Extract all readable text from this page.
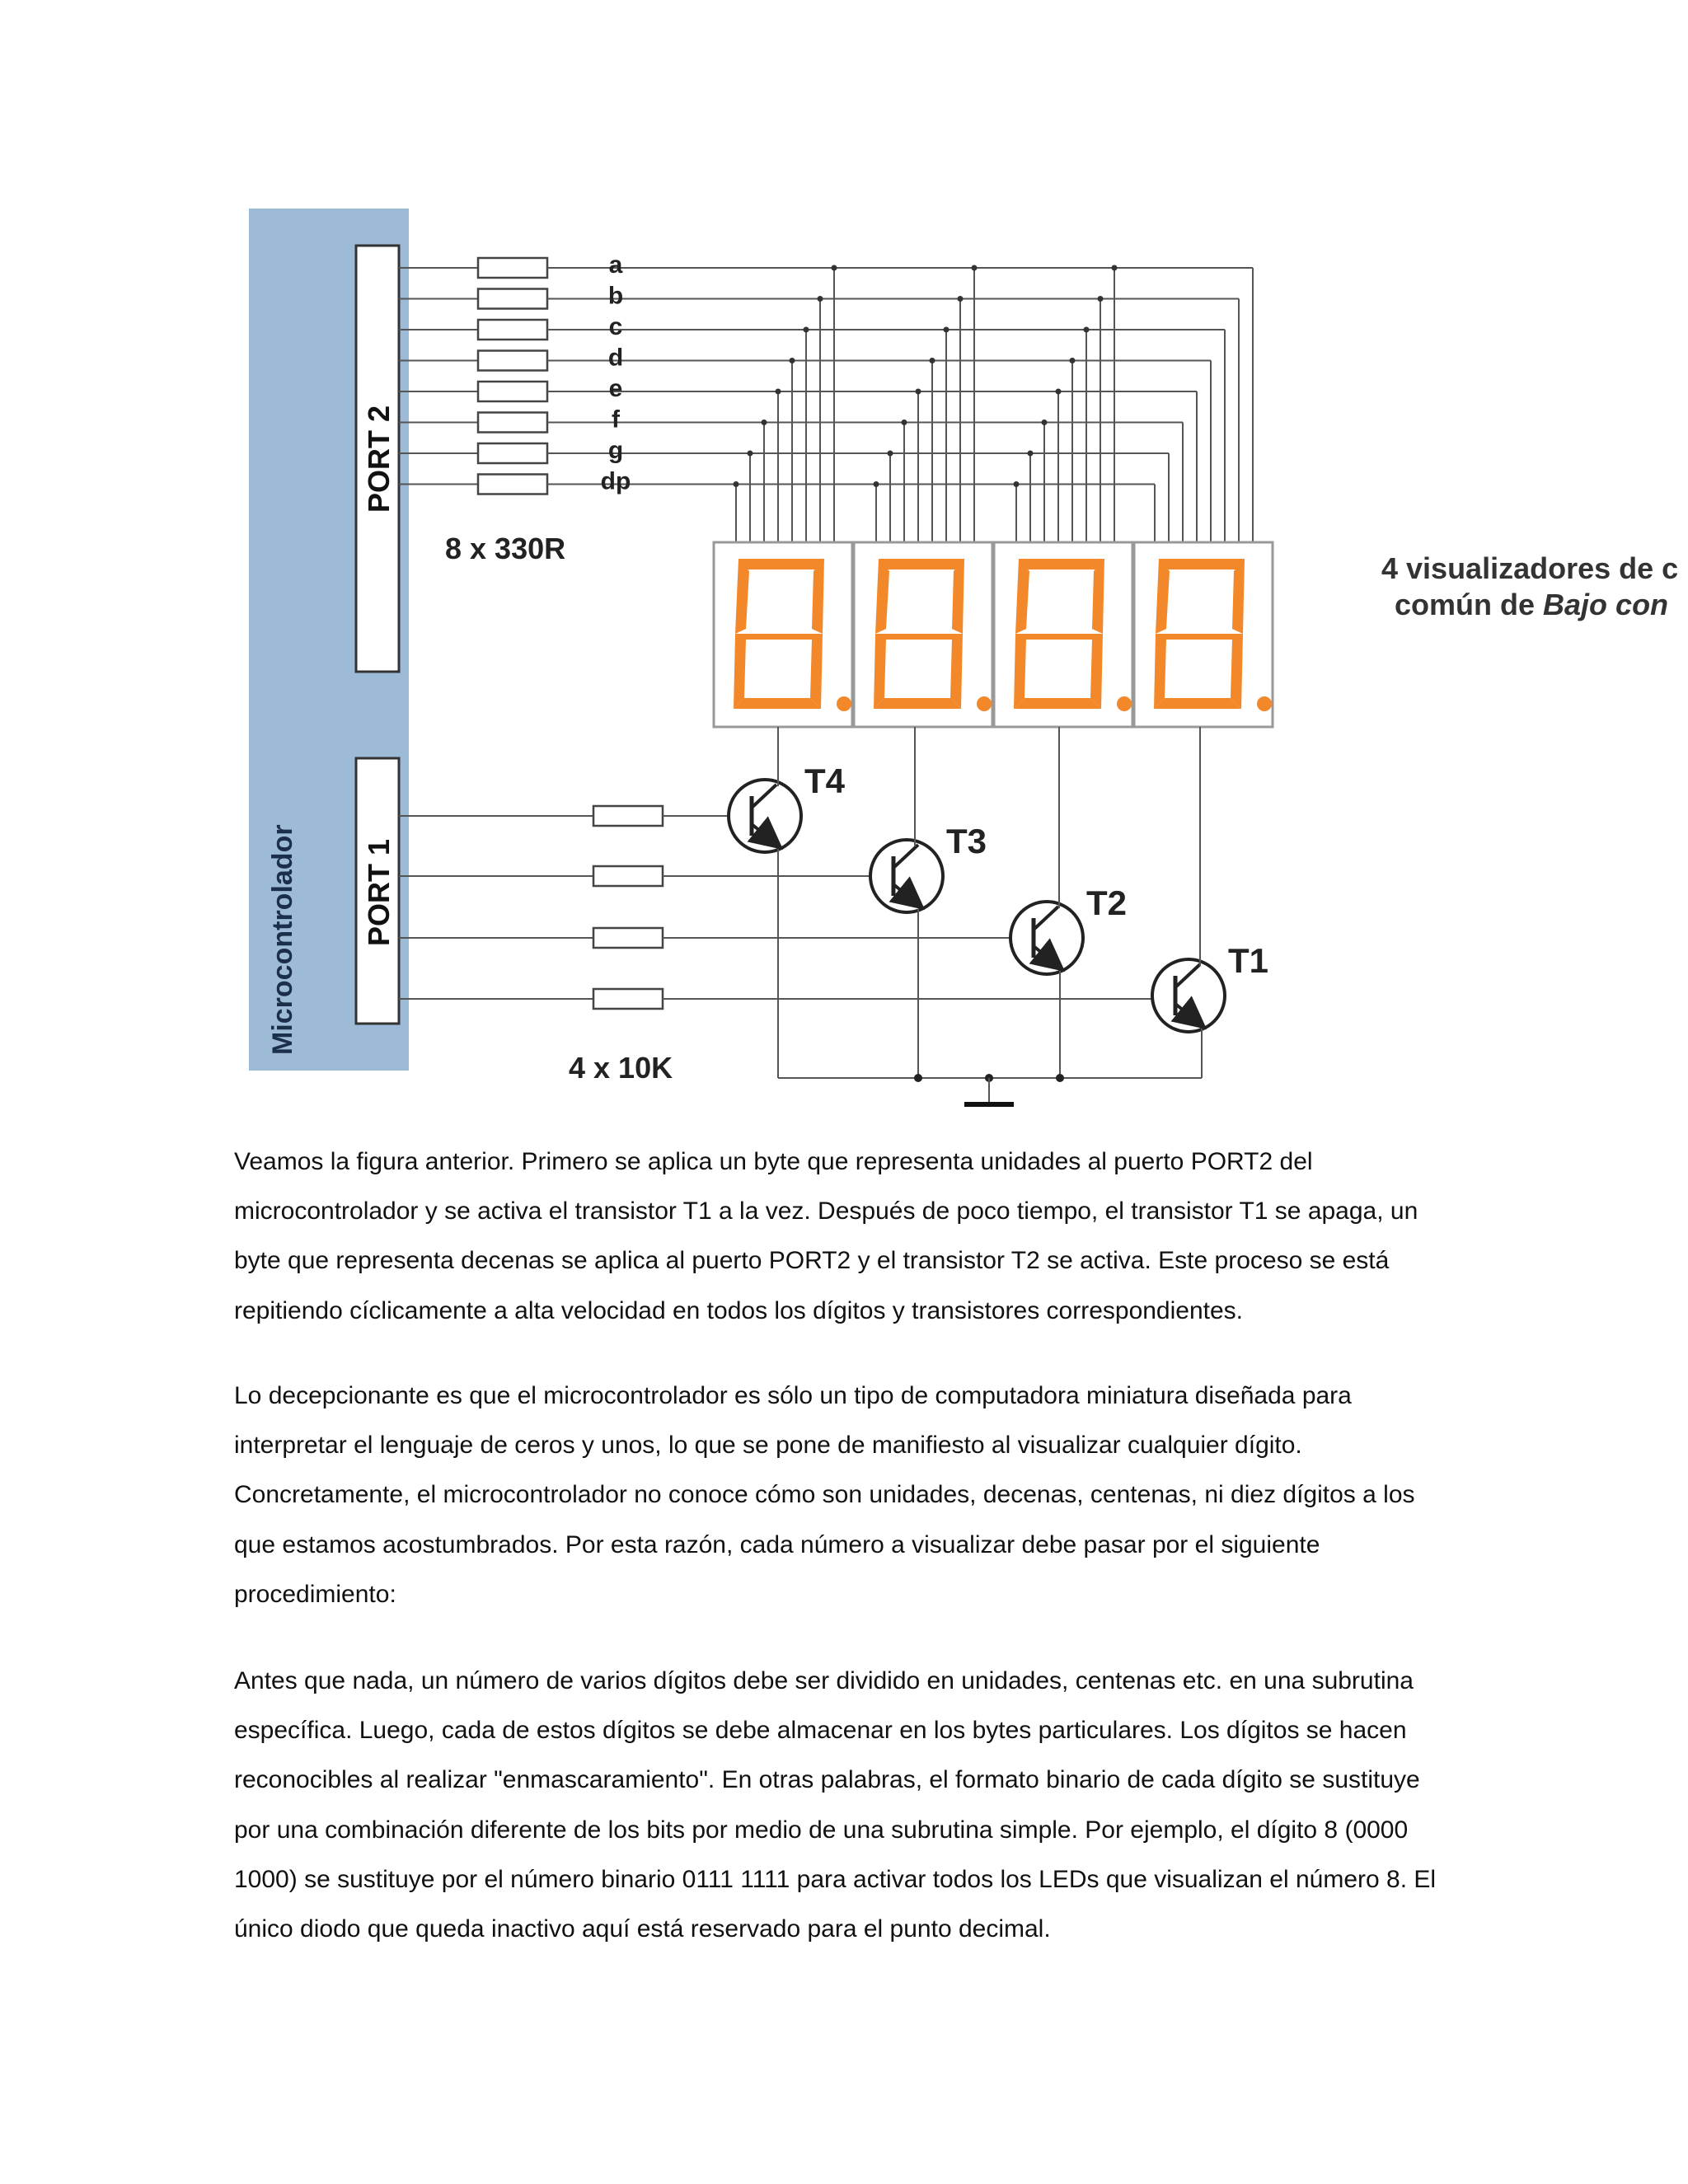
Microcontrolador
PORT 2
PORT 1
a
b
c
d
e
f
g
dp
8 x 330R
4 visualizadores de c
común de Bajo con
T4
T3
T2
T1
4 x 10K
Veamos la figura anterior. Primero se aplica un byte que representa unidades al puerto PORT2 del
microcontrolador y se activa el transistor T1 a la vez. Después de poco tiempo, el transistor T1 se apaga, un
byte que representa decenas se aplica al puerto PORT2 y el transistor T2 se activa. Este proceso se está
repitiendo cíclicamente a alta velocidad en todos los dígitos y transistores correspondientes.
Lo decepcionante es que el microcontrolador es sólo un tipo de computadora miniatura diseñada para
interpretar el lenguaje de ceros y unos, lo que se pone de manifiesto al visualizar cualquier dígito.
Concretamente, el microcontrolador no conoce cómo son unidades, decenas, centenas, ni diez dígitos a los
que estamos acostumbrados. Por esta razón, cada número a visualizar debe pasar por el siguiente
procedimiento:
Antes que nada, un número de varios dígitos debe ser dividido en unidades, centenas etc. en una subrutina
específica. Luego, cada de estos dígitos se debe almacenar en los bytes particulares. Los dígitos se hacen
reconocibles al realizar "enmascaramiento". En otras palabras, el formato binario de cada dígito se sustituye
por una combinación diferente de los bits por medio de una subrutina simple. Por ejemplo, el dígito 8 (0000
1000) se sustituye por el número binario 0111 1111 para activar todos los LEDs que visualizan el número 8. El
único diodo que queda inactivo aquí está reservado para el punto decimal.
